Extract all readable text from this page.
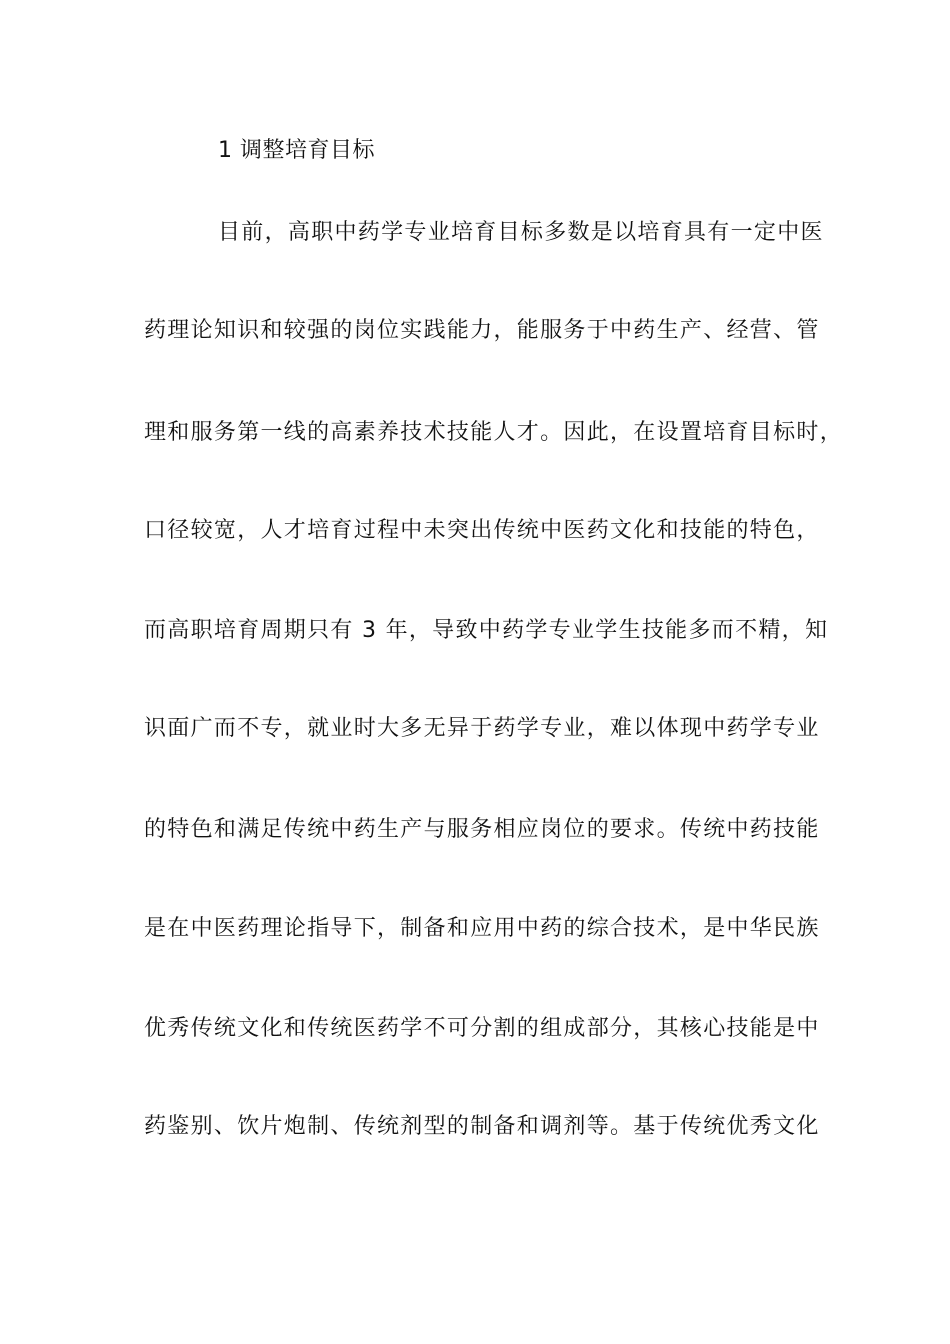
1 调整培育目标
目前，高职中药学专业培育目标多数是以培育具有一定中医
药理论知识和较强的岗位实践能力，能服务于中药生产、经营、管
理和服务第一线的高素养技术技能人才。因此，在设置培育目标时，
口径较宽，人才培育过程中未突出传统中医药文化和技能的特色，
而高职培育周期只有 3 年，导致中药学专业学生技能多而不精，知
识面广而不专，就业时大多无异于药学专业，难以体现中药学专业
的特色和满足传统中药生产与服务相应岗位的要求。传统中药技能
是在中医药理论指导下，制备和应用中药的综合技术，是中华民族
优秀传统文化和传统医药学不可分割的组成部分，其核心技能是中
药鉴别、饮片炮制、传统剂型的制备和调剂等。基于传统优秀文化
